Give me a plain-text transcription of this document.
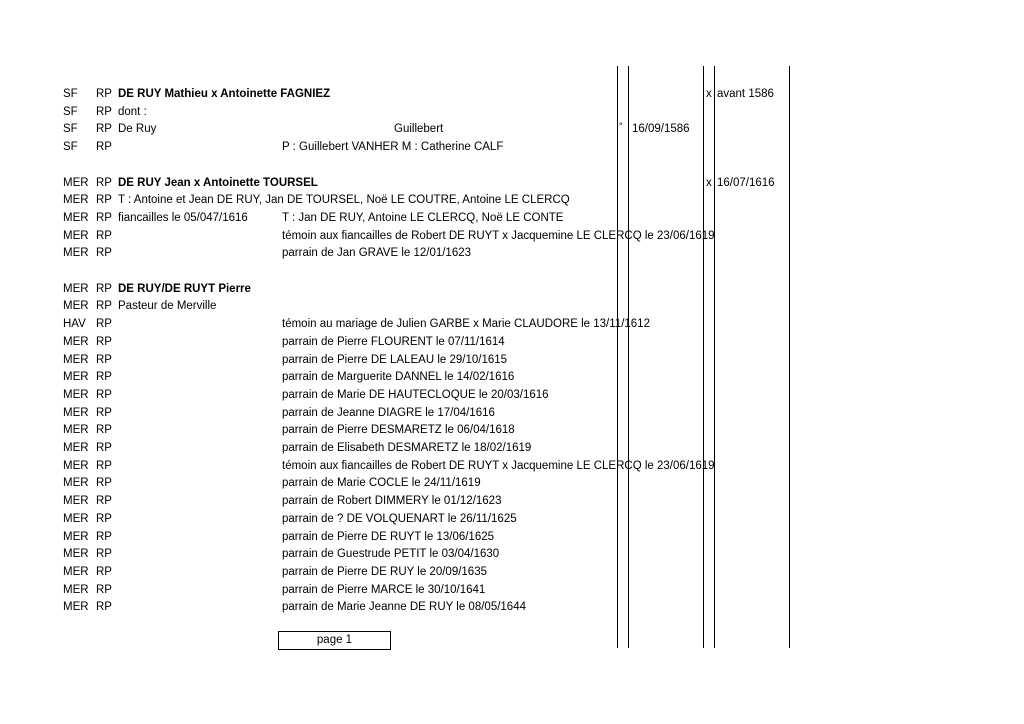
SF RP DE RUY Mathieu x Antoinette FAGNIEZ	x avant 1586
SF RP dont :
SF RP De Ruy	Guillebert	° 16/09/1586
SF RP	P : Guillebert VANHER M : Catherine CALF
MER RP DE RUY Jean x Antoinette TOURSEL	x 16/07/1616
MER RP T : Antoine et Jean DE RUY, Jan DE TOURSEL, Noë LE COUTRE, Antoine LE CLERCQ
MER RP fiancailles le 05/047/1616	T : Jan DE RUY, Antoine LE CLERCQ, Noë LE CONTE
MER RP	témoin aux fiancailles de Robert DE RUYT x Jacquemine LE CLERCQ le 23/06/1619
MER RP	parrain de Jan GRAVE le 12/01/1623
MER RP DE RUY/DE RUYT Pierre
MER RP Pasteur de Merville
HAV RP	témoin au mariage de Julien GARBE x Marie CLAUDORE le 13/11/1612
MER RP	parrain de Pierre FLOURENT le 07/11/1614
MER RP	parrain de Pierre DE LALEAU le 29/10/1615
MER RP	parrain de Marguerite DANNEL le 14/02/1616
MER RP	parrain de Marie DE HAUTECLOQUE le 20/03/1616
MER RP	parrain de Jeanne DIAGRE le 17/04/1616
MER RP	parrain de Pierre DESMARETZ le 06/04/1618
MER RP	parrain de Elisabeth DESMARETZ le 18/02/1619
MER RP	témoin aux fiancailles de Robert DE RUYT x Jacquemine LE CLERCQ le 23/06/1619
MER RP	parrain de Marie COCLE le 24/11/1619
MER RP	parrain de Robert DIMMERY le 01/12/1623
MER RP	parrain de ? DE VOLQUENART le 26/11/1625
MER RP	parrain de Pierre DE RUYT le 13/06/1625
MER RP	parrain de Guestrude PETIT le 03/04/1630
MER RP	parrain de Pierre DE RUY le 20/09/1635
MER RP	parrain de Pierre MARCE le 30/10/1641
MER RP	parrain de Marie Jeanne DE RUY le 08/05/1644
page 1
